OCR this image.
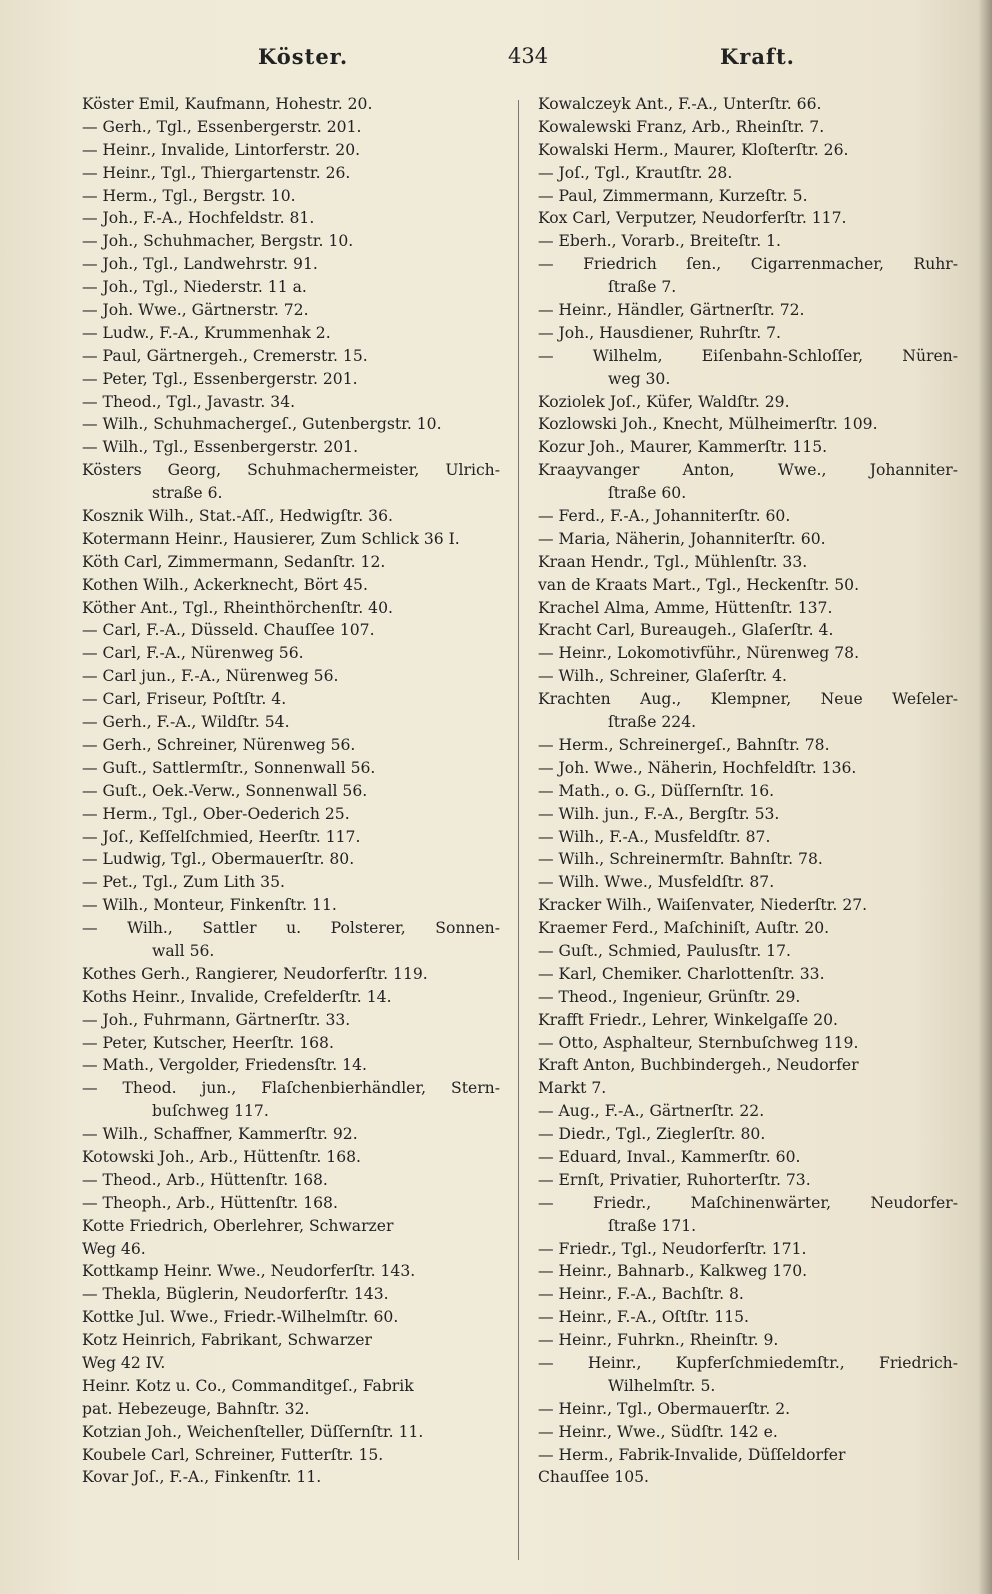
Köster.	434	Kraft.
Köster Emil, Kaufmann, Hohestr. 20.
— Gerh., Tgl., Essenbergerstr. 201.
— Heinr., Invalide, Lintorferstr. 20.
— Heinr., Tgl., Thiergartenstr. 26.
— Herm., Tgl., Bergstr. 10.
— Joh., F.-A., Hochfeldstr. 81.
— Joh., Schuhmacher, Bergstr. 10.
— Joh., Tgl., Landwehrstr. 91.
— Joh., Tgl., Niederstr. 11 a.
— Joh. Wwe., Gärtnerstr. 72.
— Ludw., F.-A., Krummenhak 2.
— Paul, Gärtnergeh., Cremerstr. 15.
— Peter, Tgl., Essenbergerstr. 201.
— Theod., Tgl., Javastr. 34.
— Wilh., Schuhmachergeſ., Gutenbergstr. 10.
— Wilh., Tgl., Essenbergerstr. 201.
Kösters Georg, Schuhmachermeister, Ulrich-
straße 6.
Kosznik Wilh., Stat.-Aſſ., Hedwigſtr. 36.
Kotermann Heinr., Hausierer, Zum Schlick 36 I.
Köth Carl, Zimmermann, Sedanſtr. 12.
Kothen Wilh., Ackerknecht, Bört 45.
Köther Ant., Tgl., Rheinthörchenſtr. 40.
— Carl, F.-A., Düsseld. Chauſſee 107.
— Carl, F.-A., Nürenweg 56.
— Carl jun., F.-A., Nürenweg 56.
— Carl, Friseur, Poſtſtr. 4.
— Gerh., F.-A., Wildſtr. 54.
— Gerh., Schreiner, Nürenweg 56.
— Guſt., Sattlermſtr., Sonnenwall 56.
— Guſt., Oek.-Verw., Sonnenwall 56.
— Herm., Tgl., Ober-Oederich 25.
— Joſ., Keſſelſchmied, Heerſtr. 117.
— Ludwig, Tgl., Obermauerſtr. 80.
— Pet., Tgl., Zum Lith 35.
— Wilh., Monteur, Finkenſtr. 11.
— Wilh., Sattler u. Polsterer, Sonnen-
wall 56.
Kothes Gerh., Rangierer, Neudorferſtr. 119.
Koths Heinr., Invalide, Crefelderſtr. 14.
— Joh., Fuhrmann, Gärtnerſtr. 33.
— Peter, Kutscher, Heerſtr. 168.
— Math., Vergolder, Friedensſtr. 14.
— Theod. jun., Flaſchenbierhändler, Stern-
buſchweg 117.
— Wilh., Schaffner, Kammerſtr. 92.
Kotowski Joh., Arb., Hüttenſtr. 168.
— Theod., Arb., Hüttenſtr. 168.
— Theoph., Arb., Hüttenſtr. 168.
Kotte Friedrich, Oberlehrer, Schwarzer
Weg 46.
Kottkamp Heinr. Wwe., Neudorferſtr. 143.
— Thekla, Büglerin, Neudorferſtr. 143.
Kottke Jul. Wwe., Friedr.-Wilhelmſtr. 60.
Kotz Heinrich, Fabrikant, Schwarzer
Weg 42 IV.
Heinr. Kotz u. Co., Commanditgeſ., Fabrik
pat. Hebezeuge, Bahnſtr. 32.
Kotzian Joh., Weichenſteller, Düſſernſtr. 11.
Koubele Carl, Schreiner, Futterſtr. 15.
Kovar Joſ., F.-A., Finkenſtr. 11.
Kowalczeyk Ant., F.-A., Unterſtr. 66.
Kowalewski Franz, Arb., Rheinſtr. 7.
Kowalski Herm., Maurer, Kloſterſtr. 26.
— Joſ., Tgl., Krautſtr. 28.
— Paul, Zimmermann, Kurzeſtr. 5.
Kox Carl, Verputzer, Neudorferſtr. 117.
— Eberh., Vorarb., Breiteſtr. 1.
— Friedrich ſen., Cigarrenmacher, Ruhr-
ſtraße 7.
— Heinr., Händler, Gärtnerſtr. 72.
— Joh., Hausdiener, Ruhrſtr. 7.
— Wilhelm, Eiſenbahn-Schloſſer, Nüren-
weg 30.
Koziolek Joſ., Küfer, Waldſtr. 29.
Kozlowski Joh., Knecht, Mülheimerſtr. 109.
Kozur Joh., Maurer, Kammerſtr. 115.
Kraayvanger Anton, Wwe., Johanniter-
ſtraße 60.
— Ferd., F.-A., Johanniterſtr. 60.
— Maria, Näherin, Johanniterſtr. 60.
Kraan Hendr., Tgl., Mühlenſtr. 33.
van de Kraats Mart., Tgl., Heckenſtr. 50.
Krachel Alma, Amme, Hüttenſtr. 137.
Kracht Carl, Bureaugeh., Glaſerſtr. 4.
— Heinr., Lokomotivführ., Nürenweg 78.
— Wilh., Schreiner, Glaſerſtr. 4.
Krachten Aug., Klempner, Neue Weſeler-
ſtraße 224.
— Herm., Schreinergeſ., Bahnſtr. 78.
— Joh. Wwe., Näherin, Hochfeldſtr. 136.
— Math., o. G., Düſſernſtr. 16.
— Wilh. jun., F.-A., Bergſtr. 53.
— Wilh., F.-A., Musfeldſtr. 87.
— Wilh., Schreinermſtr. Bahnſtr. 78.
— Wilh. Wwe., Musfeldſtr. 87.
Kracker Wilh., Waiſenvater, Niederſtr. 27.
Kraemer Ferd., Maſchiniſt, Auſtr. 20.
— Guſt., Schmied, Paulusſtr. 17.
— Karl, Chemiker. Charlottenſtr. 33.
— Theod., Ingenieur, Grünſtr. 29.
Krafft Friedr., Lehrer, Winkelgaſſe 20.
— Otto, Asphalteur, Sternbuſchweg 119.
Kraft Anton, Buchbindergeh., Neudorfer
Markt 7.
— Aug., F.-A., Gärtnerſtr. 22.
— Diedr., Tgl., Zieglerſtr. 80.
— Eduard, Inval., Kammerſtr. 60.
— Ernſt, Privatier, Ruhorterſtr. 73.
— Friedr., Maſchinenwärter, Neudorfer-
ſtraße 171.
— Friedr., Tgl., Neudorferſtr. 171.
— Heinr., Bahnarb., Kalkweg 170.
— Heinr., F.-A., Bachſtr. 8.
— Heinr., F.-A., Oſtſtr. 115.
— Heinr., Fuhrkn., Rheinſtr. 9.
— Heinr., Kupferſchmiedemſtr., Friedrich-
Wilhelmſtr. 5.
— Heinr., Tgl., Obermauerſtr. 2.
— Heinr., Wwe., Südſtr. 142 e.
— Herm., Fabrik-Invalide, Düſſeldorfer
Chauſſee 105.
